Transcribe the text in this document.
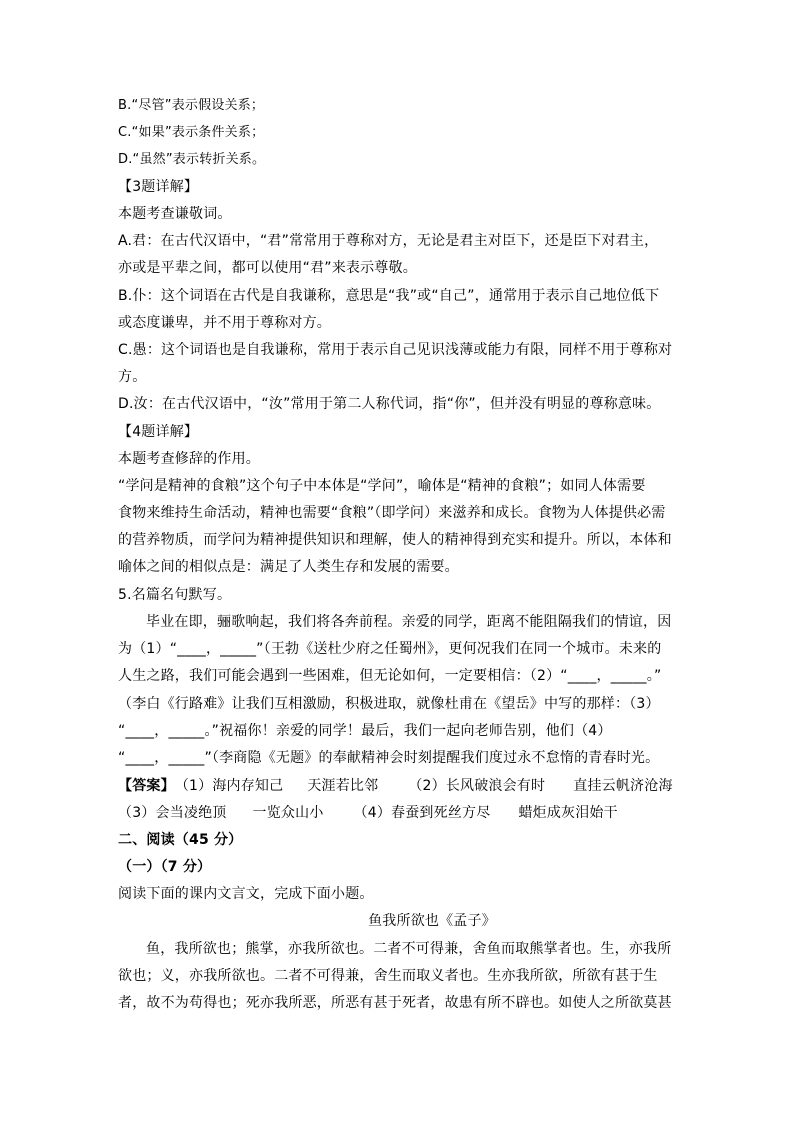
B.“尽管”表示假设关系；
C.“如果”表示条件关系；
D.“虽然”表示转折关系。
【3题详解】
本题考查谦敬词。
A.君：在古代汉语中，“君”常常用于尊称对方，无论是君主对臣下，还是臣下对君主，
亦或是平辈之间，都可以使用“君”来表示尊敬。
B.仆：这个词语在古代是自我谦称，意思是“我”或“自己”，通常用于表示自己地位低下
或态度谦卑，并不用于尊称对方。
C.愚：这个词语也是自我谦称，常用于表示自己见识浅薄或能力有限，同样不用于尊称对
方。
D.汝：在古代汉语中，“汝”常用于第二人称代词，指“你”，但并没有明显的尊称意味。
【4题详解】
本题考查修辞的作用。
“学问是精神的食粮”这个句子中本体是“学问”，喻体是“精神的食粮”；如同人体需要
食物来维持生命活动，精神也需要“食粮”（即学问）来滋养和成长。食物为人体提供必需
的营养物质，而学问为精神提供知识和理解，使人的精神得到充实和提升。所以，本体和
喻体之间的相似点是：满足了人类生存和发展的需要。
5.名篇名句默写。
毕业在即，骊歌响起，我们将各奔前程。亲爱的同学，距离不能阻隔我们的情谊，因
为（1）“____，_____”（王勃《送杜少府之任蜀州》，更何况我们在同一个城市。未来的
人生之路，我们可能会遇到一些困难，但无论如何，一定要相信：（2）“____，_____。”
（李白《行路难》让我们互相激励，积极进取，就像杜甫在《望岳》中写的那样：（3）
“____，_____。”祝福你！亲爱的同学！最后，我们一起向老师告别，他们（4）
“____，_____”（李商隐《无题》的奉献精神会时刻提醒我们度过永不怠惰的青春时光。
【答案】（1）海内存知己 天涯若比邻 （2）长风破浪会有时 直挂云帆济沧海
（3）会当凌绝顶 一览众山小 （4）春蚕到死丝方尽 蜡炬成灰泪始干
二、阅读（45 分）
（一）（7 分）
阅读下面的课内文言文，完成下面小题。
鱼我所欲也《孟子》
鱼，我所欲也；熊掌，亦我所欲也。二者不可得兼，舍鱼而取熊掌者也。生，亦我所
欲也；义，亦我所欲也。二者不可得兼，舍生而取义者也。生亦我所欲，所欲有甚于生
者，故不为苟得也；死亦我所恶，所恶有甚于死者，故患有所不辟也。如使人之所欲莫甚
